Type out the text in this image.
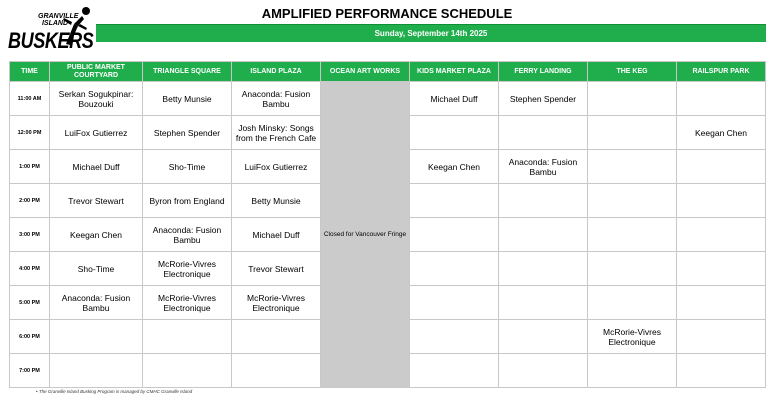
GRANVILLE ISLAND
BUSKERS
AMPLIFIED PERFORMANCE SCHEDULE
Sunday, September 14th 2025
TIME	PUBLIC MARKET COURTYARD	TRIANGLE SQUARE	ISLAND PLAZA	OCEAN ART WORKS	KIDS MARKET PLAZA	FERRY LANDING	THE KEG	RAILSPUR PARK
11:00 AM	Serkan Sogukpinar: Bouzouki	Betty Munsie	Anaconda: Fusion Bambu	Closed for Vancouver Fringe	Michael Duff	Stephen Spender		
12:00 PM	LuiFox Gutierrez	Stephen Spender	Josh Minsky: Songs from the French Cafe					Keegan Chen
1:00 PM	Michael Duff	Sho-Time	LuiFox Gutierrez		Keegan Chen	Anaconda: Fusion Bambu		
2:00 PM	Trevor Stewart	Byron from England	Betty Munsie					
3:00 PM	Keegan Chen	Anaconda: Fusion Bambu	Michael Duff					
4:00 PM	Sho-Time	McRorie-Vivres Electronique	Trevor Stewart					
5:00 PM	Anaconda: Fusion Bambu	McRorie-Vivres Electronique	McRorie-Vivres Electronique					
6:00 PM							McRorie-Vivres Electronique	
7:00 PM								
• The Granville Island Busking Program is managed by CMHC Granville Island
